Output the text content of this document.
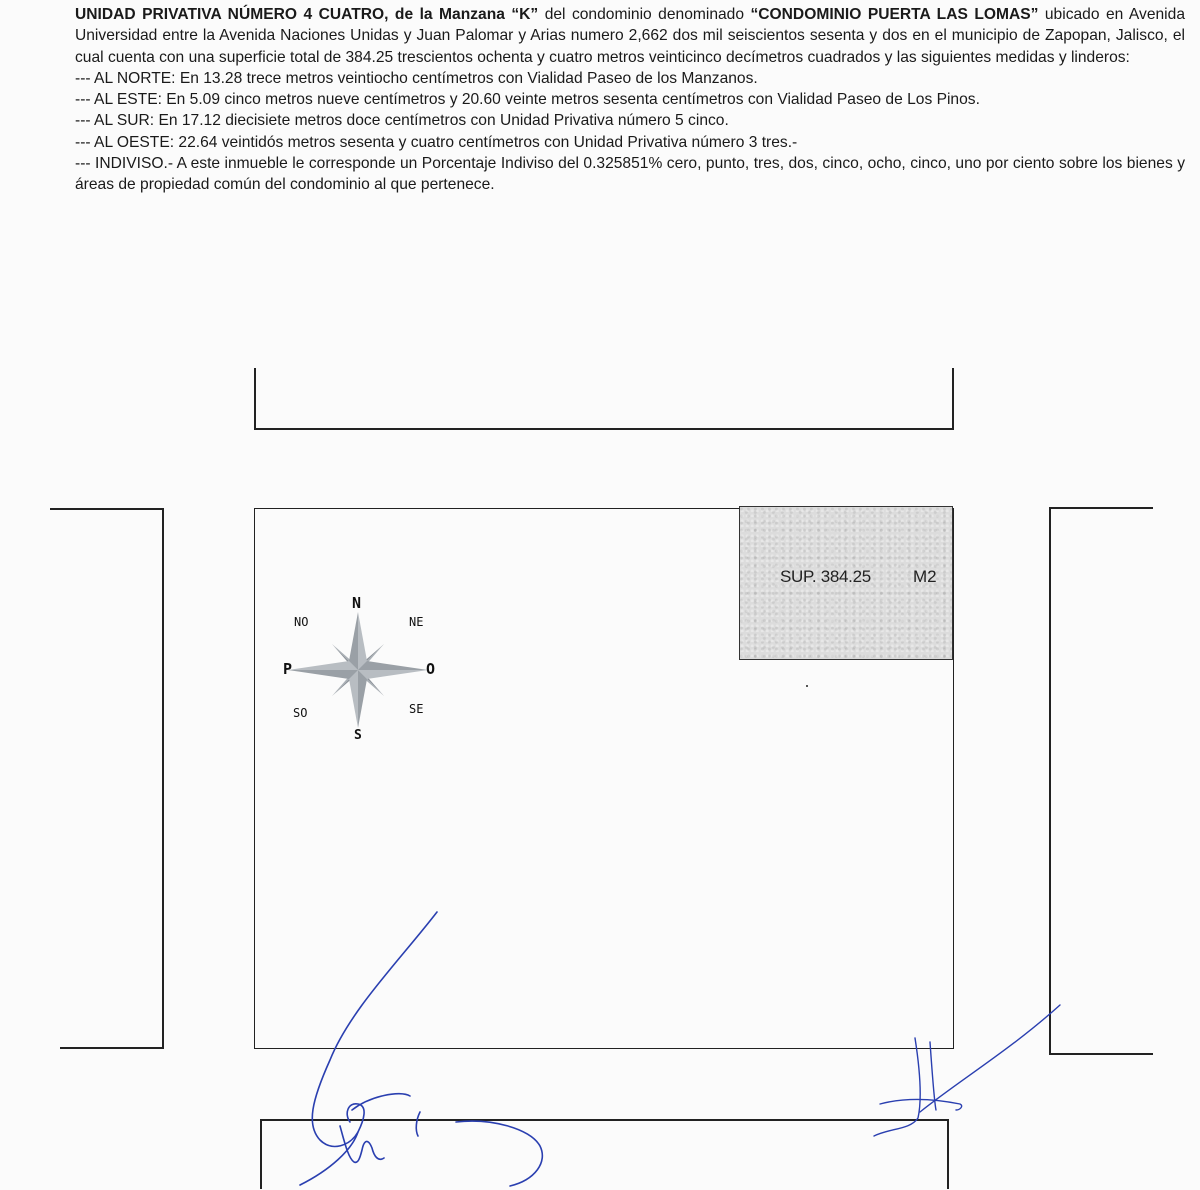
UNIDAD PRIVATIVA NÚMERO 4 CUATRO, de la Manzana “K” del condominio denominado “CONDOMINIO PUERTA LAS LOMAS” ubicado en Avenida Universidad entre la Avenida Naciones Unidas y Juan Palomar y Arias numero 2,662 dos mil seiscientos sesenta y dos en el municipio de Zapopan, Jalisco, el cual cuenta con una superficie total de 384.25 trescientos ochenta y cuatro metros veinticinco decímetros cuadrados y las siguientes medidas y linderos:

--- AL NORTE: En 13.28 trece metros veintiocho centímetros con Vialidad Paseo de los Manzanos.

--- AL ESTE: En 5.09 cinco metros nueve centímetros y 20.60 veinte metros sesenta centímetros con Vialidad Paseo de Los Pinos.

--- AL SUR: En 17.12 diecisiete metros doce centímetros con Unidad Privativa número 5 cinco.

--- AL OESTE: 22.64 veintidós metros sesenta y cuatro centímetros con Unidad Privativa número 3 tres.-

--- INDIVISO.- A este inmueble le corresponde un Porcentaje Indiviso del 0.325851% cero, punto, tres, dos, cinco, ocho, cinco, uno por ciento sobre los bienes y áreas de propiedad común del condominio al que pertenece.

SUP. 384.25 M2
N
S
O
P
NE
NO
SE
SO
